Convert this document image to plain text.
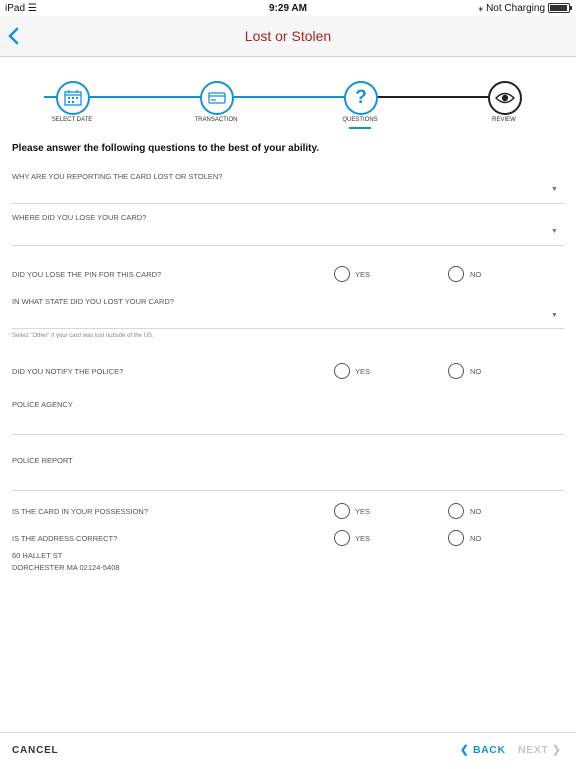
iPad ☰	9:29 AM	⁎ Not Charging
Lost or Stolen
?
SELECT DATE	TRANSACTION	QUESTIONS	REVIEW
Please answer the following questions to the best of your ability.
WHY ARE YOU REPORTING THE CARD LOST OR STOLEN?
▼
WHERE DID YOU LOSE YOUR CARD?
▼
DID YOU LOSE THE PIN FOR THIS CARD?	YES	NO
IN WHAT STATE DID YOU LOST YOUR CARD?
▼
Select "Other" if your card was lost outside of the US.
DID YOU NOTIFY THE POLICE?	YES	NO
POLICE AGENCY
POLICE REPORT
IS THE CARD IN YOUR POSSESSION?	YES	NO
IS THE ADDRESS CORRECT?	YES	NO
60 HALLET ST
DORCHESTER MA 02124-5408
CANCEL	❮ BACK NEXT ❯
